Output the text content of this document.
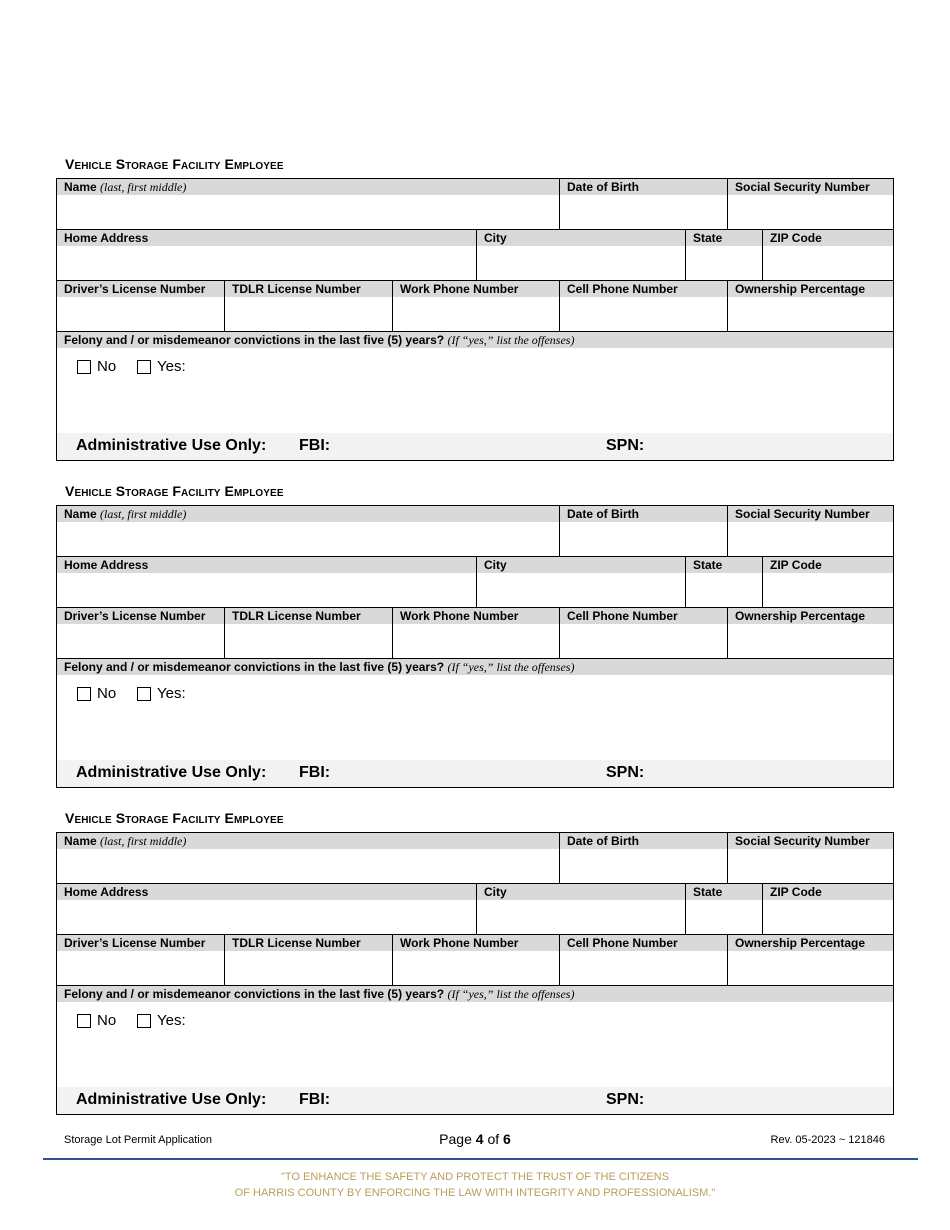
Vehicle Storage Facility Employee
Name (last, first middle)	Date of Birth	Social Security Number
Home Address	City	State	ZIP Code
Driver’s License Number	TDLR License Number	Work Phone Number	Cell Phone Number	Ownership Percentage
Felony and / or misdemeanor convictions in the last five (5) years? (If “yes,” list the offenses)
No	Yes:
Administrative Use Only: FBI:	SPN:
Vehicle Storage Facility Employee
Name (last, first middle)	Date of Birth	Social Security Number
Home Address	City	State	ZIP Code
Driver’s License Number	TDLR License Number	Work Phone Number	Cell Phone Number	Ownership Percentage
Felony and / or misdemeanor convictions in the last five (5) years? (If “yes,” list the offenses)
No	Yes:
Administrative Use Only: FBI:	SPN:
Vehicle Storage Facility Employee
Name (last, first middle)	Date of Birth	Social Security Number
Home Address	City	State	ZIP Code
Driver’s License Number	TDLR License Number	Work Phone Number	Cell Phone Number	Ownership Percentage
Felony and / or misdemeanor convictions in the last five (5) years? (If “yes,” list the offenses)
No	Yes:
Administrative Use Only: FBI:	SPN:
Storage Lot Permit Application	Page 4 of 6	Rev. 05-2023 ~ 121846
"TO ENHANCE THE SAFETY AND PROTECT THE TRUST OF THE CITIZENS
OF HARRIS COUNTY BY ENFORCING THE LAW WITH INTEGRITY AND PROFESSIONALISM."
